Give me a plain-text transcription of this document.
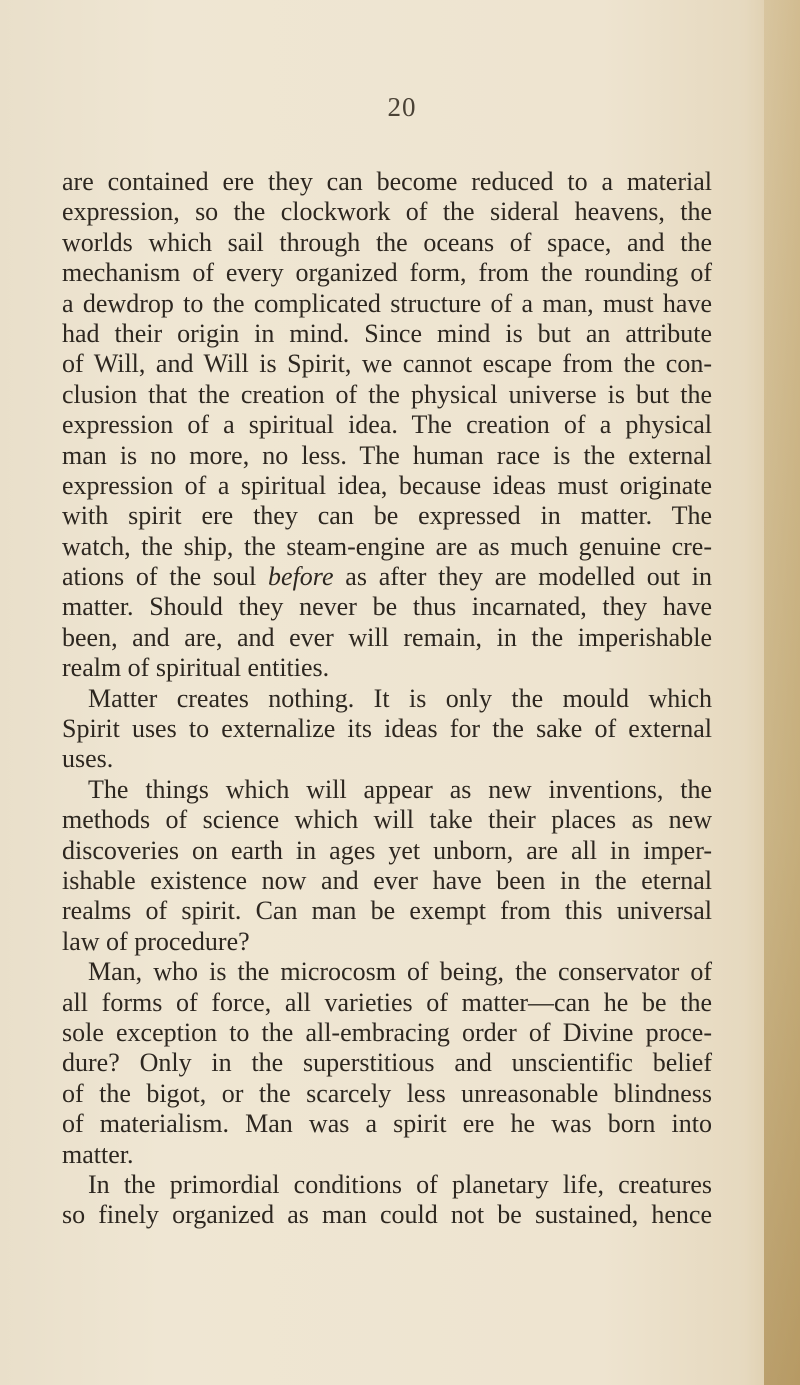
20
are contained ere they can become reduced to a material
expression, so the clockwork of the sideral heavens, the
worlds which sail through the oceans of space, and the
mechanism of every organized form, from the rounding of
a dewdrop to the complicated structure of a man, must have
had their origin in mind. Since mind is but an attribute
of Will, and Will is Spirit, we cannot escape from the con-
clusion that the creation of the physical universe is but the
expression of a spiritual idea. The creation of a physical
man is no more, no less. The human race is the external
expression of a spiritual idea, because ideas must originate
with spirit ere they can be expressed in matter. The
watch, the ship, the steam-engine are as much genuine cre-
ations of the soul before as after they are modelled out in
matter. Should they never be thus incarnated, they have
been, and are, and ever will remain, in the imperishable
realm of spiritual entities.
Matter creates nothing. It is only the mould which
Spirit uses to externalize its ideas for the sake of external
uses.
The things which will appear as new inventions, the
methods of science which will take their places as new
discoveries on earth in ages yet unborn, are all in imper-
ishable existence now and ever have been in the eternal
realms of spirit. Can man be exempt from this universal
law of procedure?
Man, who is the microcosm of being, the conservator of
all forms of force, all varieties of matter—can he be the
sole exception to the all-embracing order of Divine proce-
dure? Only in the superstitious and unscientific belief
of the bigot, or the scarcely less unreasonable blindness
of materialism. Man was a spirit ere he was born into
matter.
In the primordial conditions of planetary life, creatures
so finely organized as man could not be sustained, hence
